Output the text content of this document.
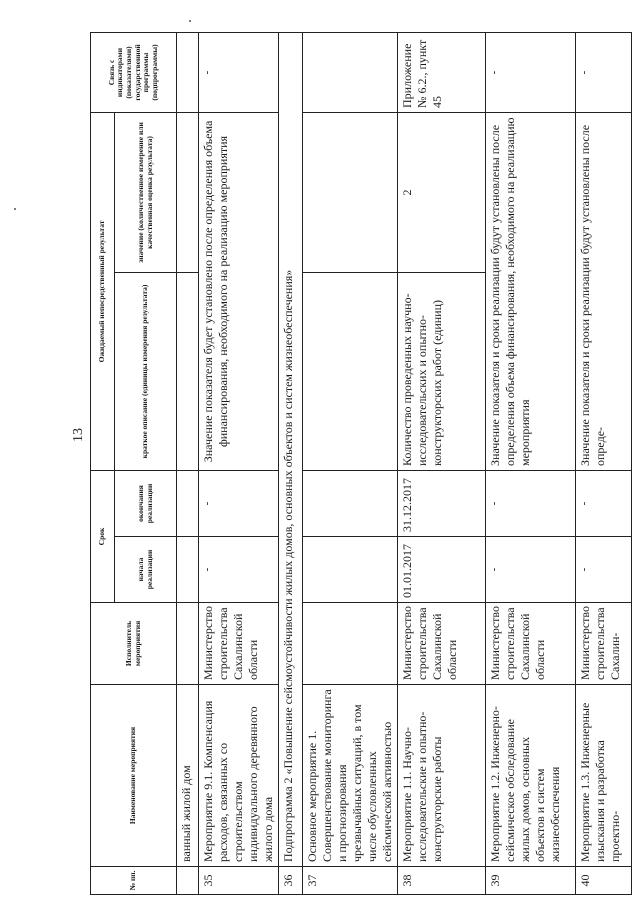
13
№ пп.	Наименование мероприятия	Исполнитель мероприятия	Срок		Ожидаемый непосредственный результат		Связь с индикаторами (показателями) государственной программы (подпрограммы)
			начала реализации	окончания реализации	краткое описание (единицы измерения результата)	значение (количественное измерение или качественная оценка результата)	
	ванный жилой дом						
35	Мероприятие 9.1. Компенсация расходов, связанных со строительством индивидуального деревянного жилого дома	Министерство строительства Сахалинской области	-	-	Значение показателя будет установлено после определения объема финансирования, необходимого на реализацию мероприятия		-
36	Подпрограмма 2 «Повышение сейсмоустойчивости жилых домов, основных объектов и систем жизнеобеспечения»						
37	Основное мероприятие 1. Совершенствование мониторинга и прогнозирования чрезвычайных ситуаций, в том числе обусловленных сейсмической активностью						
38	Мероприятие 1.1. Научно-исследовательские и опытно-конструкторские работы	Министерство строительства Сахалинской области	01.01.2017	31.12.2017	Количество проведенных научно-исследовательских и опытно-конструкторских работ (единиц)	2	Приложение № 6.2., пункт 45
39	Мероприятие 1.2. Инженерно-сейсмическое обследование жилых домов, основных объектов и систем жизнеобеспечения	Министерство строительства Сахалинской области	-	-	Значение показателя и сроки реализации будут установлены после определения объема финансирования, необходимого на реализацию мероприятия		-
40	Мероприятие 1.3. Инженерные изыскания и разработка проектно-	Министерство строительства Сахалин-	-	-	Значение показателя и сроки реализации будут установлены после опреде-		-
